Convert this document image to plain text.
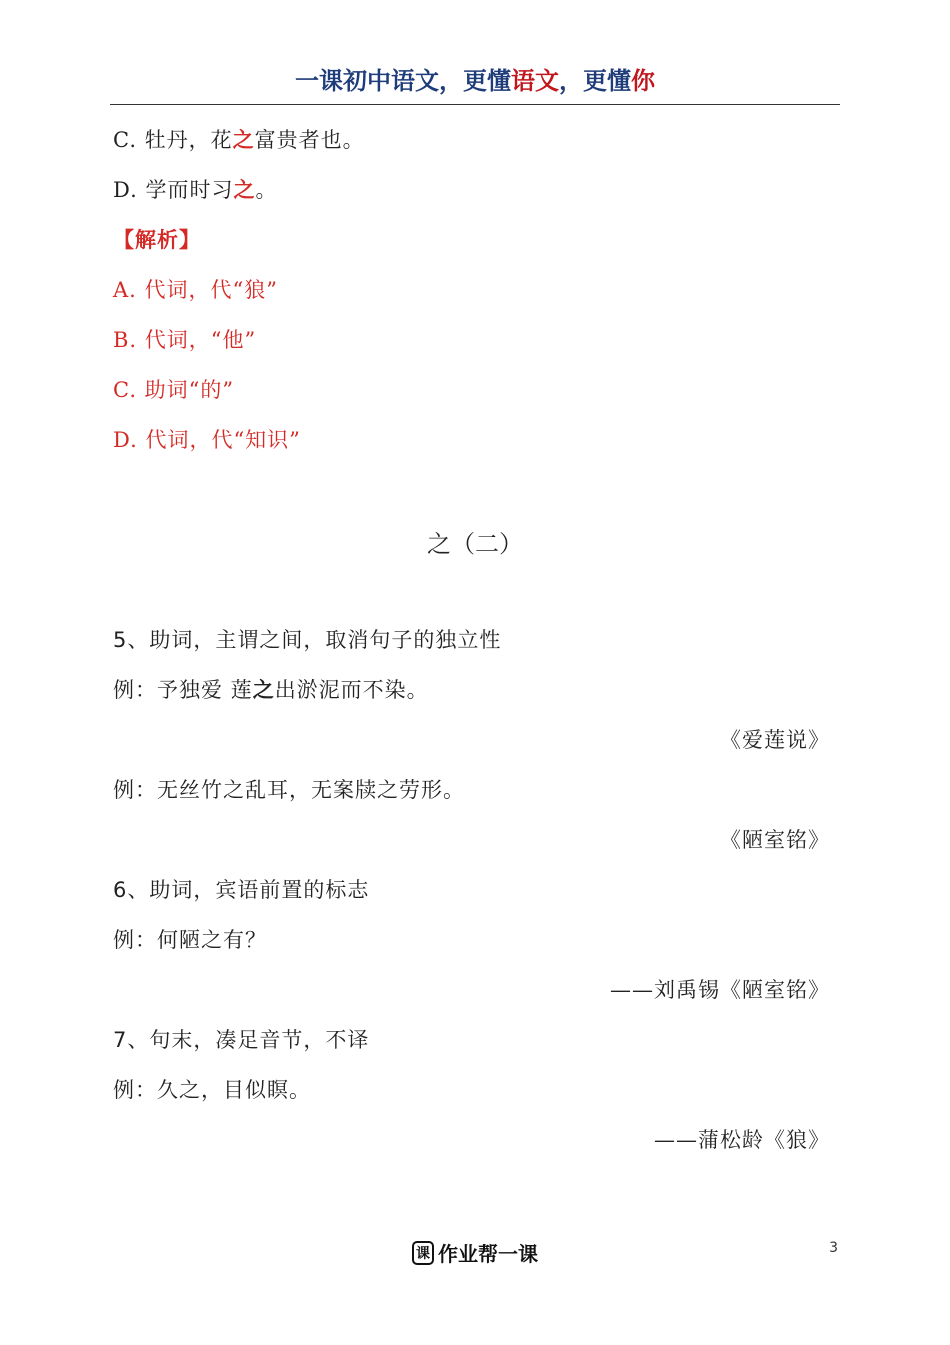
一课初中语文，更懂语文，更懂你
C. 牡丹，花之富贵者也。
D. 学而时习之。
【解析】
A. 代词，代“狼”
B. 代词，“他”
C. 助词“的”
D. 代词，代“知识”
之（二）
5、助词，主谓之间，取消句子的独立性
例：予独爱 莲之出淤泥而不染。
《爱莲说》
例：无丝竹之乱耳，无案牍之劳形。
《陋室铭》
6、助词，宾语前置的标志
例：何陋之有？
——刘禹锡《陋室铭》
7、句末，凑足音节，不译
例：久之，目似瞑。
——蒲松龄《狼》
课 作业帮一课	3
